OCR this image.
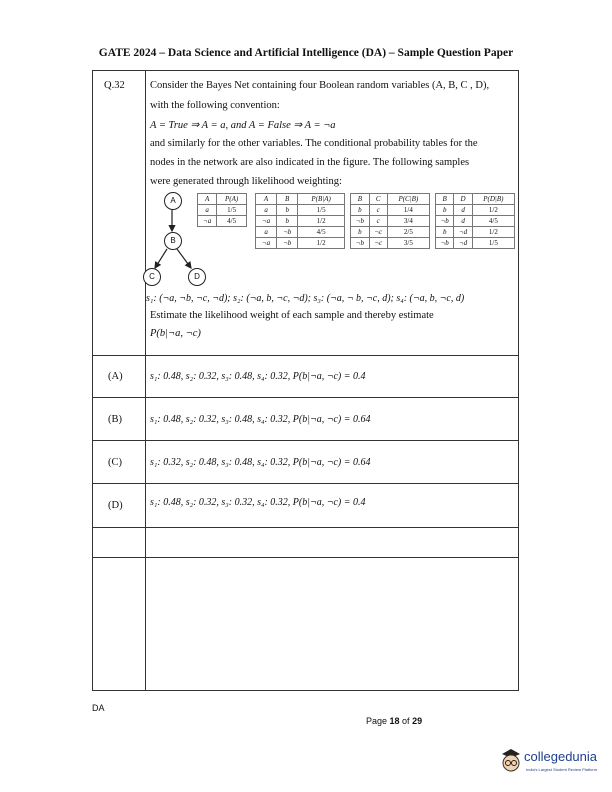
GATE 2024 – Data Science and Artificial Intelligence (DA) – Sample Question Paper
Q.32 Consider the Bayes Net containing four Boolean random variables (A, B, C , D),
with the following convention:
A = True ⇒ A = a, and A = False ⇒ A = ¬a
and similarly for the other variables. The conditional probability tables for the
nodes in the network are also indicated in the figure. The following samples
were generated through likelihood weighting:
A
B
C	D
A	P(A)
a	1/5
¬a	4/5
A	B	P(B|A)
a	b	1/5
¬a	b	1/2
a	¬b	4/5
¬a	¬b	1/2
B	C	P(C|B)
b	c	1/4
¬b	c	3/4
b	¬c	2/5
¬b	¬c	3/5
B	D	P(D|B)
b	d	1/2
¬b	d	4/5
b	¬d	1/2
¬b	¬d	1/5
s₁: (¬a, ¬b, ¬c, ¬d); s₂: (¬a, b, ¬c, ¬d); s₃: (¬a, ¬ b, ¬c, d); s₄: (¬a, b, ¬c, d)
Estimate the likelihood weight of each sample and thereby estimate
P(b|¬a, ¬c)
(A)	s₁: 0.48, s₂: 0.32, s₃: 0.48, s₄: 0.32, P(b|¬a, ¬c) = 0.4
(B)	s₁: 0.48, s₂: 0.32, s₃: 0.48, s₄: 0.32, P(b|¬a, ¬c) = 0.64
(C)	s₁: 0.32, s₂: 0.48, s₃: 0.48, s₄: 0.32, P(b|¬a, ¬c) = 0.64
(D)	s₁: 0.48, s₂: 0.32, s₃: 0.32, s₄: 0.32, P(b|¬a, ¬c) = 0.4
DA
Page 18 of 29
collegedunia
India's Largest Student Review Platform
